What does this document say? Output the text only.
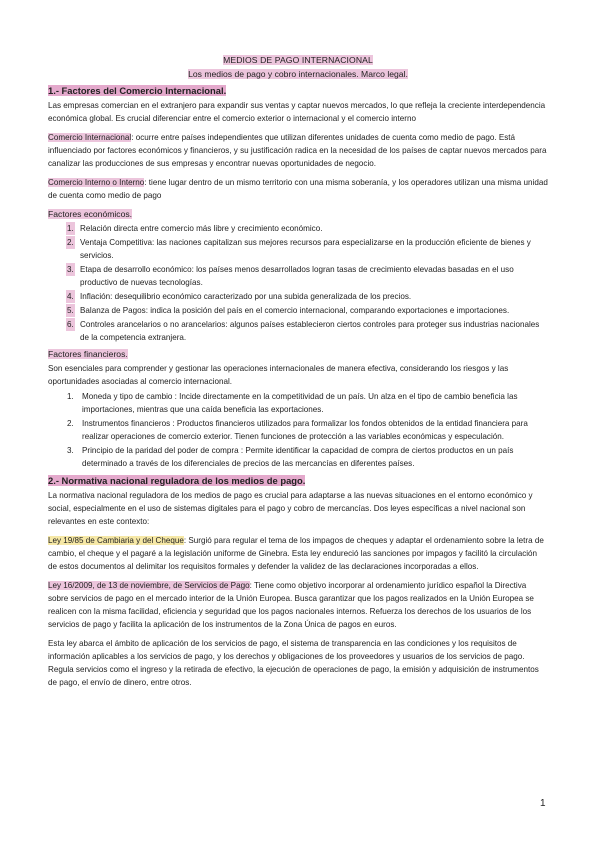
MEDIOS DE PAGO INTERNACIONAL
Los medios de pago y cobro internacionales. Marco legal.
1.- Factores del Comercio Internacional.

Las empresas comercian en el extranjero para expandir sus ventas y captar nuevos mercados, lo que refleja la creciente interdependencia económica global. Es crucial diferenciar entre el comercio exterior o internacional y el comercio interno

Comercio Internacional: ocurre entre países independientes que utilizan diferentes unidades de cuenta como medio de pago. Está influenciado por factores económicos y financieros, y su justificación radica en la necesidad de los países de captar nuevos mercados para canalizar las producciones de sus empresas y encontrar nuevas oportunidades de negocio.

Comercio Interno o Interno: tiene lugar dentro de un mismo territorio con una misma soberanía, y los operadores utilizan una misma unidad de cuenta como medio de pago

Factores económicos.
1. Relación directa entre comercio más libre y crecimiento económico.
2. Ventaja Competitiva: las naciones capitalizan sus mejores recursos para especializarse en la producción eficiente de bienes y servicios.
3. Etapa de desarrollo económico: los países menos desarrollados logran tasas de crecimiento elevadas basadas en el uso productivo de nuevas tecnologías.
4. Inflación: desequilibrio económico caracterizado por una subida generalizada de los precios.
5. Balanza de Pagos: indica la posición del país en el comercio internacional, comparando exportaciones e importaciones.
6. Controles arancelarios o no arancelarios: algunos países establecieron ciertos controles para proteger sus industrias nacionales de la competencia extranjera.
Factores financieros.

Son esenciales para comprender y gestionar las operaciones internacionales de manera efectiva, considerando los riesgos y las oportunidades asociadas al comercio internacional.

1. Moneda y tipo de cambio : Incide directamente en la competitividad de un país. Un alza en el tipo de cambio beneficia las importaciones, mientras que una caída beneficia las exportaciones.
2. Instrumentos financieros : Productos financieros utilizados para formalizar los fondos obtenidos de la entidad financiera para realizar operaciones de comercio exterior. Tienen funciones de protección a las variables económicas y especulación.
3. Principio de la paridad del poder de compra : Permite identificar la capacidad de compra de ciertos productos en un país determinado a través de los diferenciales de precios de las mercancías en diferentes países.
2.- Normativa nacional reguladora de los medios de pago.

La normativa nacional reguladora de los medios de pago es crucial para adaptarse a las nuevas situaciones en el entorno económico y social, especialmente en el uso de sistemas digitales para el pago y cobro de mercancías. Dos leyes específicas a nivel nacional son relevantes en este contexto:

Ley 19/85 de Cambiaria y del Cheque: Surgió para regular el tema de los impagos de cheques y adaptar el ordenamiento sobre la letra de cambio, el cheque y el pagaré a la legislación uniforme de Ginebra. Esta ley endureció las sanciones por impagos y facilitó la circulación de estos documentos al delimitar los requisitos formales y defender la validez de las declaraciones incorporadas a ellos.

Ley 16/2009, de 13 de noviembre, de Servicios de Pago: Tiene como objetivo incorporar al ordenamiento jurídico español la Directiva sobre servicios de pago en el mercado interior de la Unión Europea. Busca garantizar que los pagos realizados en la Unión Europea se realicen con la misma facilidad, eficiencia y seguridad que los pagos nacionales internos. Refuerza los derechos de los usuarios de los servicios de pago y facilita la aplicación de los instrumentos de la Zona Única de pagos en euros.

Esta ley abarca el ámbito de aplicación de los servicios de pago, el sistema de transparencia en las condiciones y los requisitos de información aplicables a los servicios de pago, y los derechos y obligaciones de los proveedores y usuarios de los servicios de pago. Regula servicios como el ingreso y la retirada de efectivo, la ejecución de operaciones de pago, la emisión y adquisición de instrumentos de pago, el envío de dinero, entre otros.

1
